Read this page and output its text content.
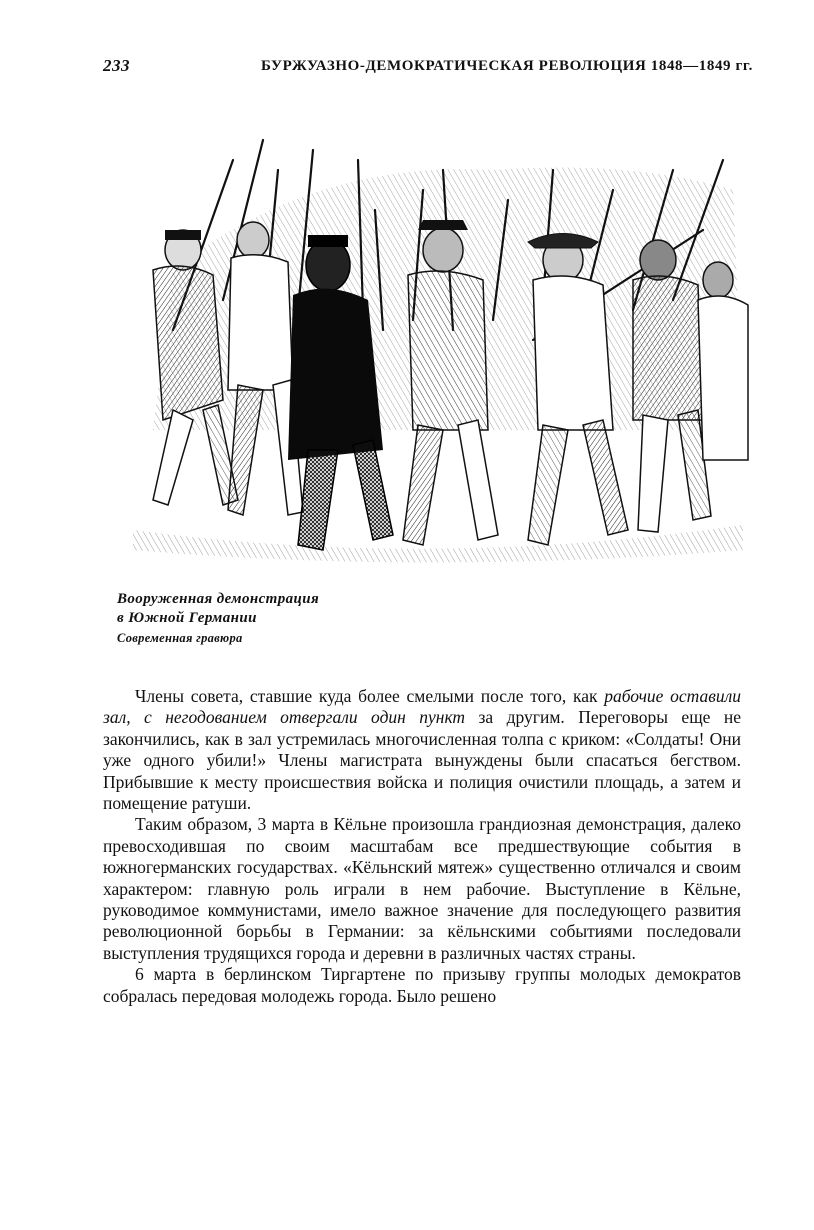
233	БУРЖУАЗНО-ДЕМОКРАТИЧЕСКАЯ РЕВОЛЮЦИЯ 1848—1849 гг.
Вооруженная демонстрация
в Южной Германии
Современная гравюра

Члены совета, ставшие куда более смелыми после того, как рабочие оставили зал, с негодованием отвергали один пункт за другим. Переговоры еще не закончились, как в зал устремилась многочисленная толпа с криком: «Солдаты! Они уже одного убили!» Члены магистрата вынуждены были спасаться бегством. Прибывшие к месту происшествия войска и полиция очистили площадь, а затем и помещение ратуши.

Таким образом, 3 марта в Кёльне произошла грандиозная демонстрация, далеко превосходившая по своим масштабам все предшествующие события в южногерманских государствах. «Кёльнский мятеж» существенно отличался и своим характером: главную роль играли в нем рабочие. Выступление в Кёльне, руководимое коммунистами, имело важное значение для последующего развития революционной борьбы в Германии: за кёльнскими событиями последовали выступления трудящихся города и деревни в различных частях страны.

6 марта в берлинском Тиргартене по призыву группы молодых демократов собралась передовая молодежь города. Было решено
